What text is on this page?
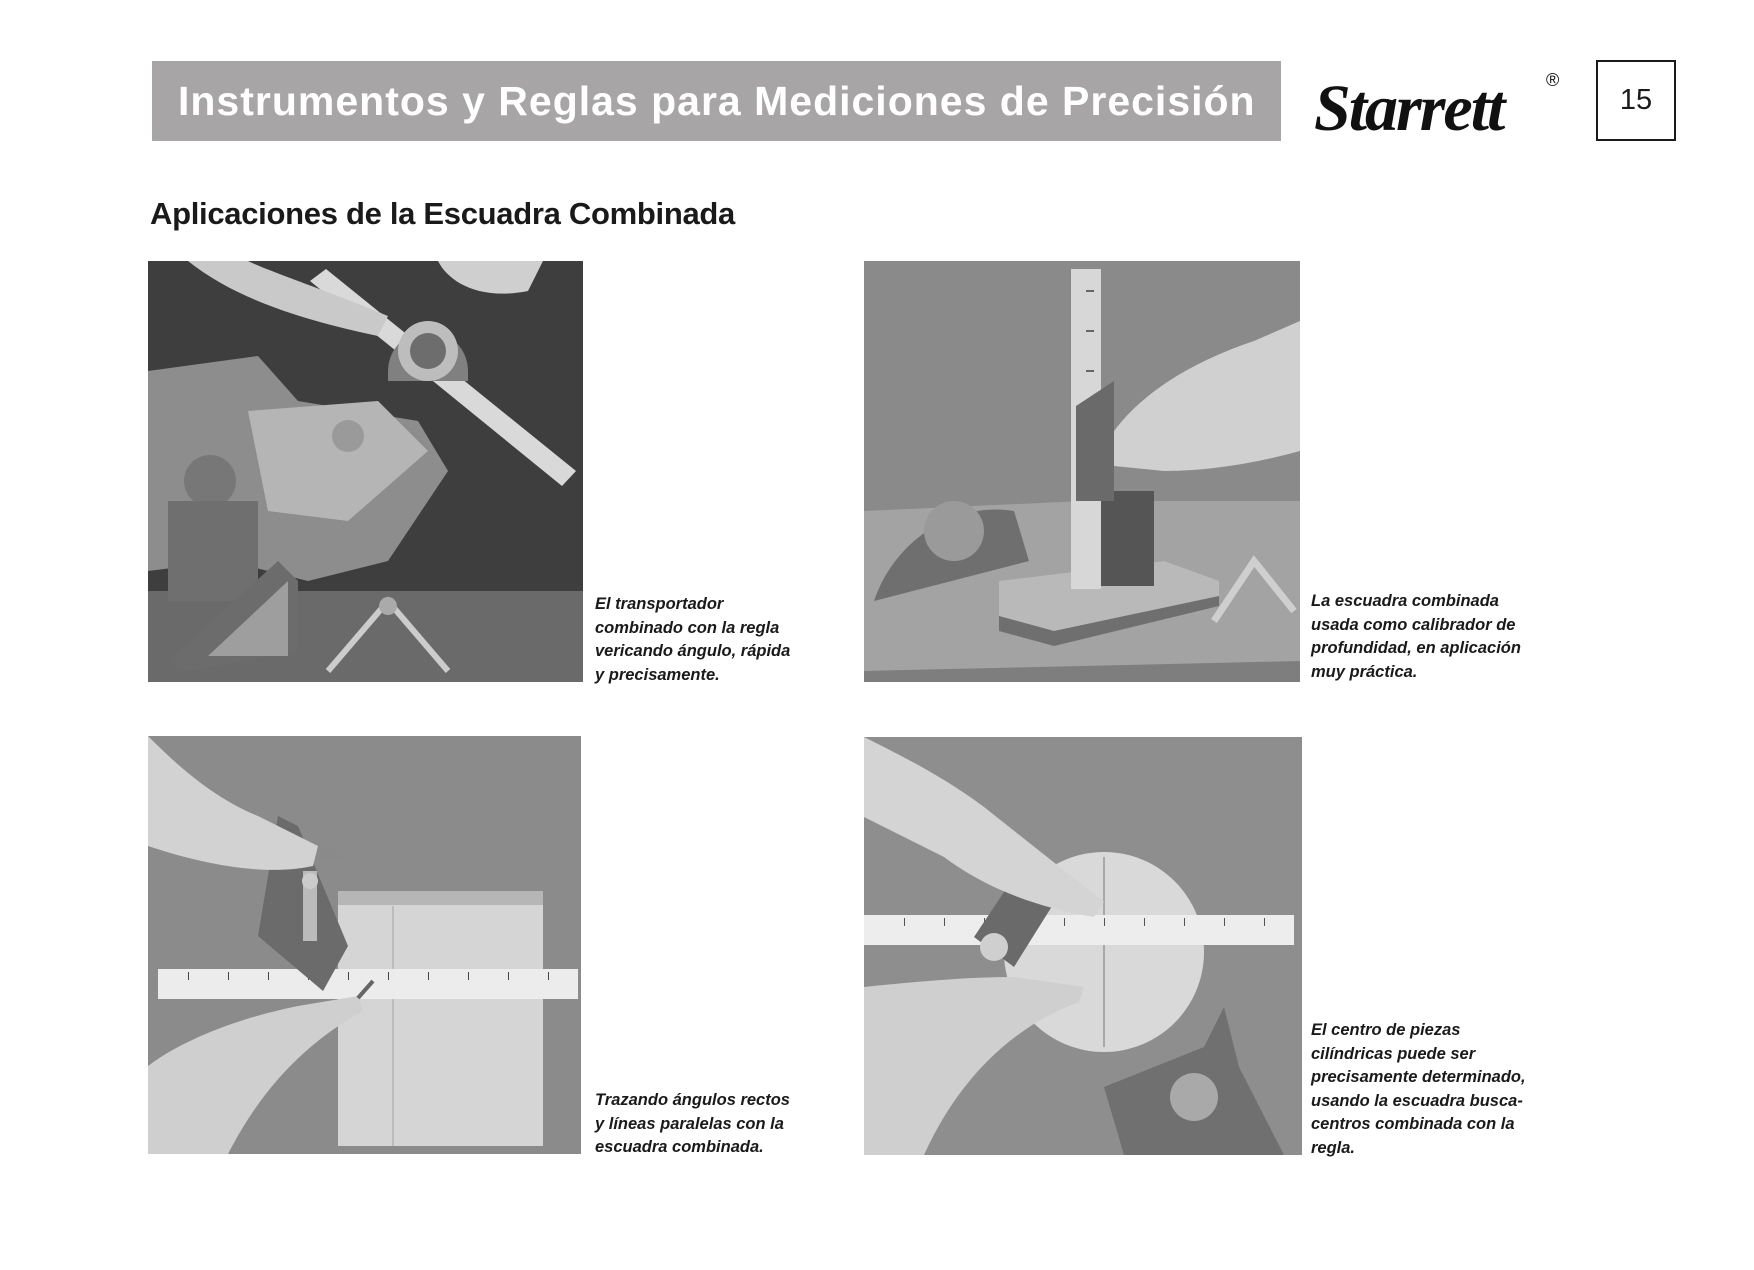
Instrumentos y Reglas para Mediciones de Precisión Starrett ®
15
Aplicaciones de la Escuadra Combinada
El transportador
combinado con la regla
vericando ángulo, rápida
y precisamente.
La escuadra combinada
usada como calibrador de
profundidad, en aplicación
muy práctica.
Trazando ángulos rectos
y líneas paralelas con la
escuadra combinada.
El centro de piezas
cilíndricas puede ser
precisamente determinado,
usando la escuadra busca-
centros combinada con la
regla.
